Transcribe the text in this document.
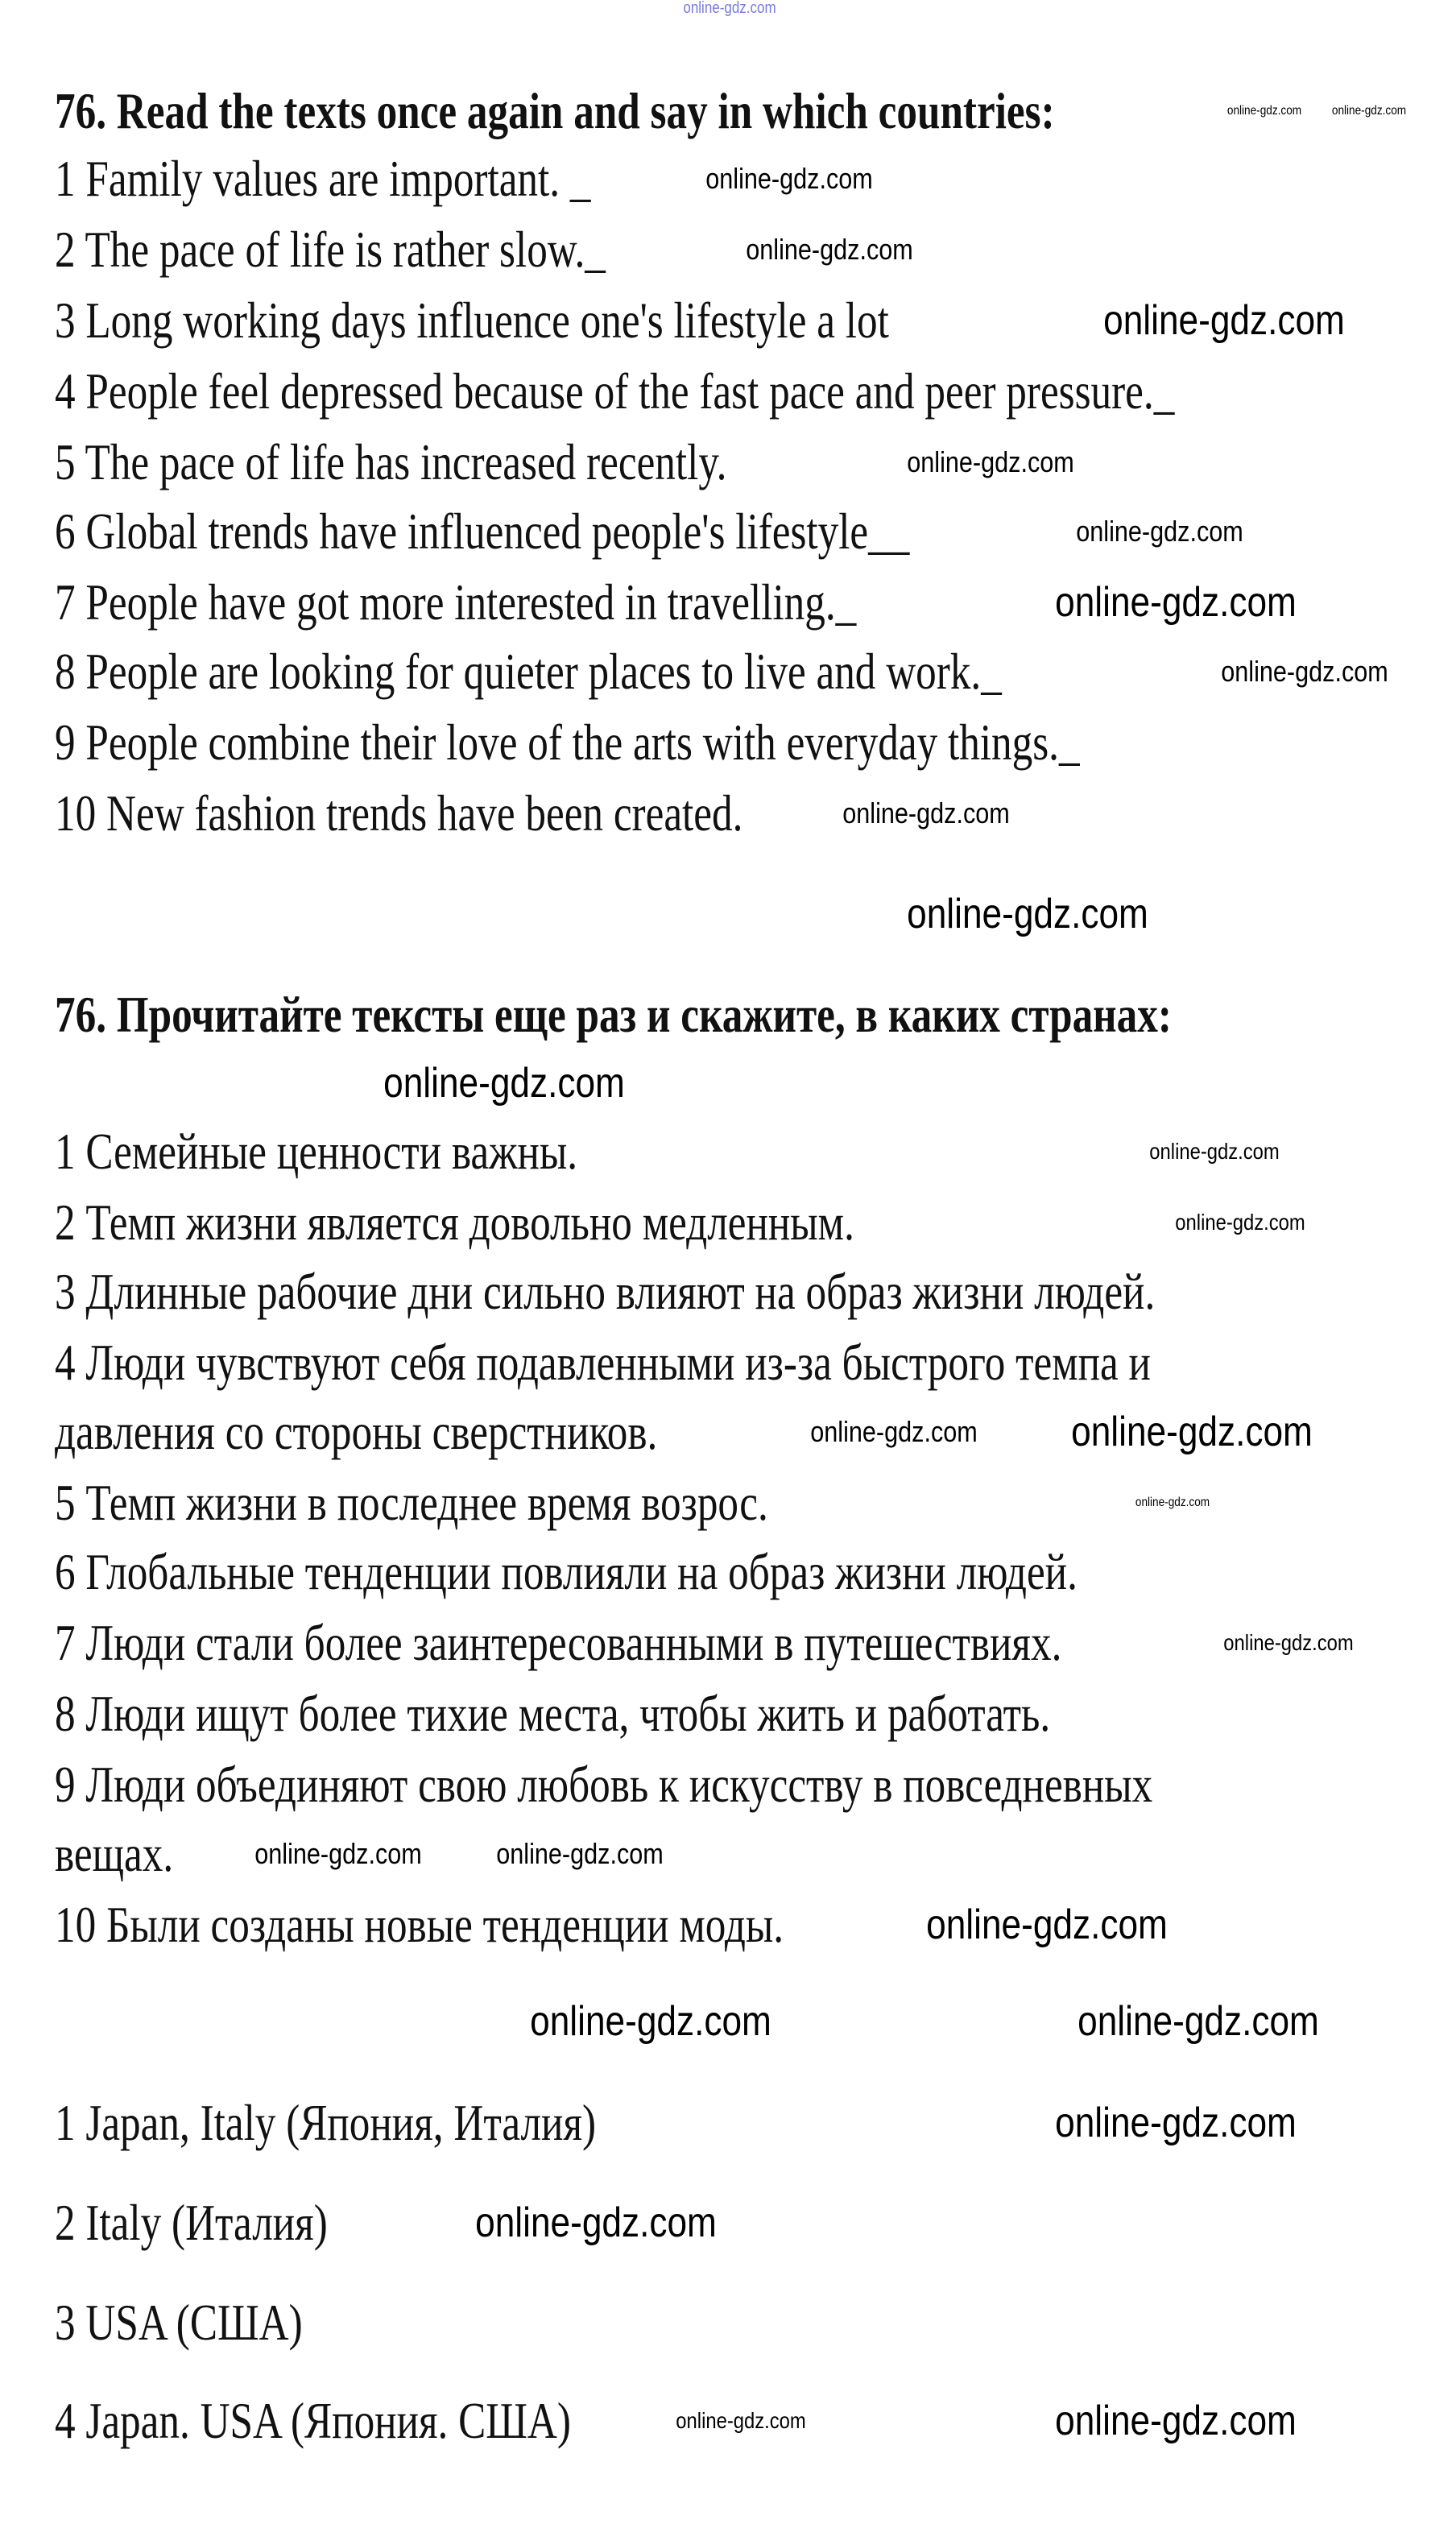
76. Read the texts once again and say in which countries:
1 Family values are important. _
2 The pace of life is rather slow._
3 Long working days influence one's lifestyle a lot
4 People feel depressed because of the fast pace and peer pressure._
5 The pace of life has increased recently.
6 Global trends have influenced people's lifestyle__
7 People have got more interested in travelling._
8 People are looking for quieter places to live and work._
9 People combine their love of the arts with everyday things._
10 New fashion trends have been created.
76. Прочитайте тексты еще раз и скажите, в каких странах:
1 Семейные ценности важны.
2 Темп жизни является довольно медленным.
3 Длинные рабочие дни сильно влияют на образ жизни людей.
4 Люди чувствуют себя подавленными из-за быстрого темпа и
давления со стороны сверстников.
5 Темп жизни в последнее время возрос.
6 Глобальные тенденции повлияли на образ жизни людей.
7 Люди стали более заинтересованными в путешествиях.
8 Люди ищут более тихие места, чтобы жить и работать.
9 Люди объединяют свою любовь к искусству в повседневных
вещах.
10 Были созданы новые тенденции моды.
1 Japan, Italy (Япония, Италия)
2 Italy (Италия)
3 USA (США)
4 Japan. USA (Япония. США)
online-gdz.com
online-gdz.com online-gdz.com
online-gdz.com
online-gdz.com
online-gdz.com
online-gdz.com
online-gdz.com
online-gdz.com
online-gdz.com
online-gdz.com
online-gdz.com
online-gdz.com
online-gdz.com
online-gdz.com online-gdz.com
online-gdz.com
online-gdz.com
online-gdz.com
online-gdz.com
online-gdz.com
online-gdz.com
online-gdz.com	online-gdz.com
online-gdz.com
online-gdz.com
online-gdz.com
online-gdz.com
